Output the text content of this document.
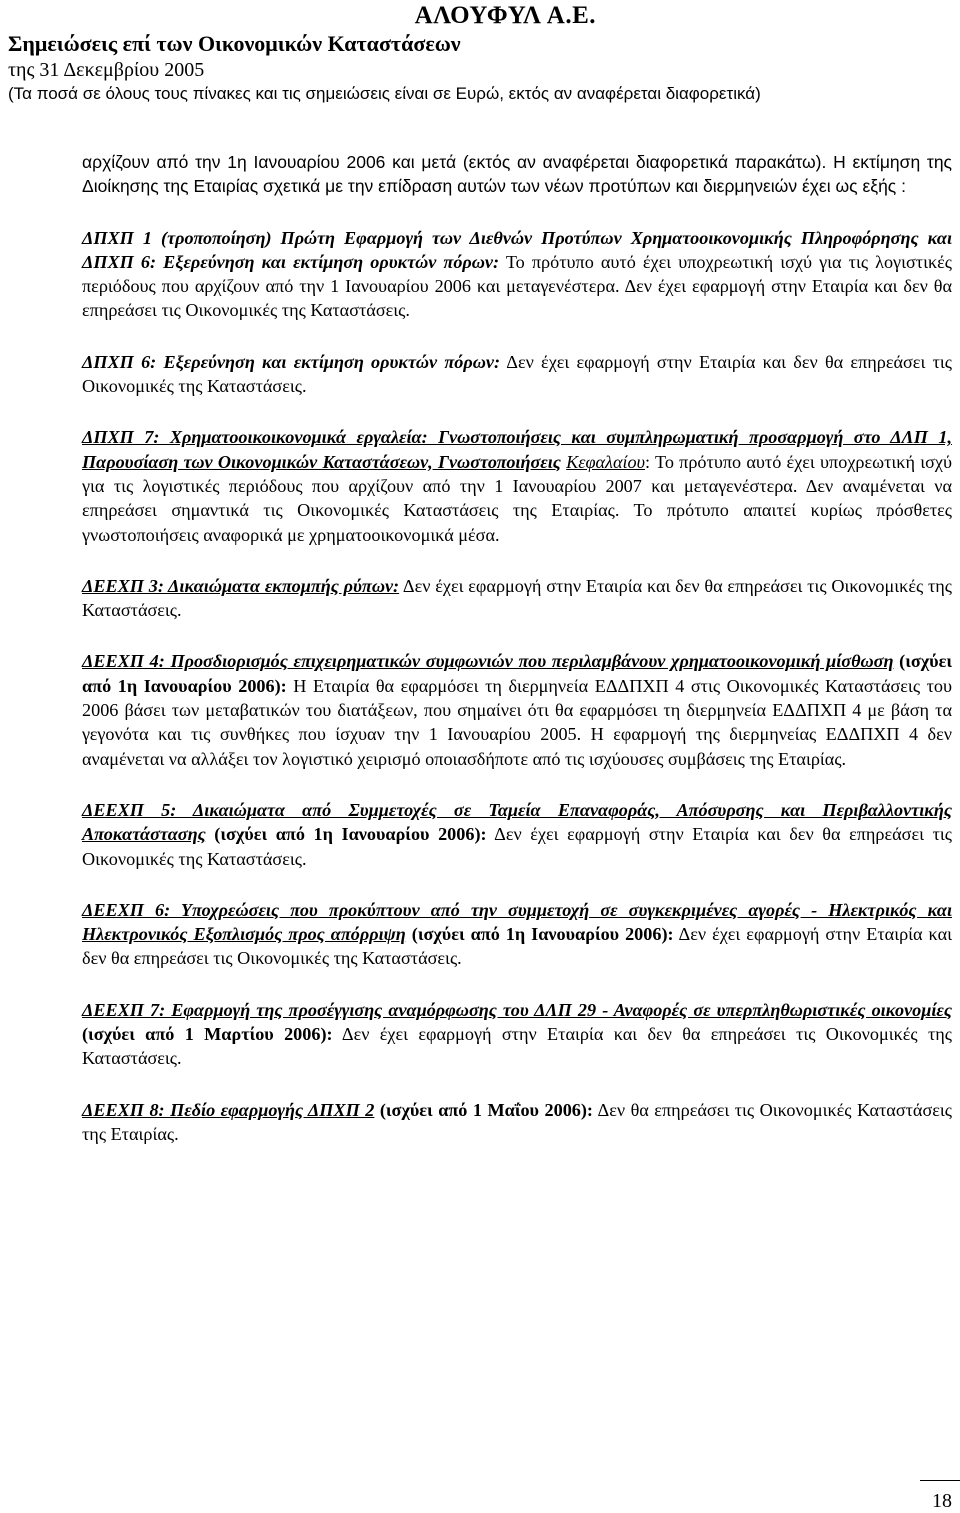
ΑΛΟΥΦΥΛ Α.Ε.
Σημειώσεις επί των Οικονομικών Καταστάσεων
της 31 Δεκεμβρίου 2005
(Τα ποσά σε όλους τους πίνακες και τις σημειώσεις είναι σε Ευρώ, εκτός αν αναφέρεται διαφορετικά)

αρχίζουν από την 1η Ιανουαρίου 2006 και μετά (εκτός αν αναφέρεται διαφορετικά παρακάτω). Η εκτίμηση της Διοίκησης της Εταιρίας σχετικά με την επίδραση αυτών των νέων προτύπων και διερμηνειών έχει ως εξής :

ΔΠΧΠ 1 (τροποποίηση) Πρώτη Εφαρμογή των Διεθνών Προτύπων Χρηματοοικονομικής Πληροφόρησης και ΔΠΧΠ 6: Εξερεύνηση και εκτίμηση ορυκτών πόρων: Το πρότυπο αυτό έχει υποχρεωτική ισχύ για τις λογιστικές περιόδους που αρχίζουν από την 1 Ιανουαρίου 2006 και μεταγενέστερα. Δεν έχει εφαρμογή στην Εταιρία και δεν θα επηρεάσει τις Οικονομικές της Καταστάσεις.

ΔΠΧΠ 6: Εξερεύνηση και εκτίμηση ορυκτών πόρων: Δεν έχει εφαρμογή στην Εταιρία και δεν θα επηρεάσει τις Οικονομικές της Καταστάσεις.

ΔΠΧΠ 7: Χρηματοοικοικονομικά εργαλεία: Γνωστοποιήσεις και συμπληρωματική προσαρμογή στο ΔΛΠ 1, Παρουσίαση των Οικονομικών Καταστάσεων, Γνωστοποιήσεις Κεφαλαίου: Το πρότυπο αυτό έχει υποχρεωτική ισχύ για τις λογιστικές περιόδους που αρχίζουν από την 1 Ιανουαρίου 2007 και μεταγενέστερα. Δεν αναμένεται να επηρεάσει σημαντικά τις Οικονομικές Καταστάσεις της Εταιρίας. Το πρότυπο απαιτεί κυρίως πρόσθετες γνωστοποιήσεις αναφορικά με χρηματοοικονομικά μέσα.

ΔΕΕΧΠ 3: Δικαιώματα εκπομπής ρύπων: Δεν έχει εφαρμογή στην Εταιρία και δεν θα επηρεάσει τις Οικονομικές της Καταστάσεις.

ΔΕΕΧΠ 4: Προσδιορισμός επιχειρηματικών συμφωνιών που περιλαμβάνουν χρηματοοικονομική μίσθωση (ισχύει από 1η Ιανουαρίου 2006): Η Εταιρία θα εφαρμόσει τη διερμηνεία ΕΔΔΠΧΠ 4 στις Οικονομικές Καταστάσεις του 2006 βάσει των μεταβατικών του διατάξεων, που σημαίνει ότι θα εφαρμόσει τη διερμηνεία ΕΔΔΠΧΠ 4 με βάση τα γεγονότα και τις συνθήκες που ίσχυαν την 1 Ιανουαρίου 2005. Η εφαρμογή της διερμηνείας ΕΔΔΠΧΠ 4 δεν αναμένεται να αλλάξει τον λογιστικό χειρισμό οποιασδήποτε από τις ισχύουσες συμβάσεις της Εταιρίας.

ΔΕΕΧΠ 5: Δικαιώματα από Συμμετοχές σε Ταμεία Επαναφοράς, Απόσυρσης και Περιβαλλοντικής Αποκατάστασης (ισχύει από 1η Ιανουαρίου 2006): Δεν έχει εφαρμογή στην Εταιρία και δεν θα επηρεάσει τις Οικονομικές της Καταστάσεις.

ΔΕΕΧΠ 6: Υποχρεώσεις που προκύπτουν από την συμμετοχή σε συγκεκριμένες αγορές - Ηλεκτρικός και Ηλεκτρονικός Εξοπλισμός προς απόρριψη (ισχύει από 1η Ιανουαρίου 2006): Δεν έχει εφαρμογή στην Εταιρία και δεν θα επηρεάσει τις Οικονομικές της Καταστάσεις.

ΔΕΕΧΠ 7: Εφαρμογή της προσέγγισης αναμόρφωσης του ΔΛΠ 29 - Αναφορές σε υπερπληθωριστικές οικονομίες (ισχύει από 1 Μαρτίου 2006): Δεν έχει εφαρμογή στην Εταιρία και δεν θα επηρεάσει τις Οικονομικές της Καταστάσεις.

ΔΕΕΧΠ 8: Πεδίο εφαρμογής ΔΠΧΠ 2 (ισχύει από 1 Μαΐου 2006): Δεν θα επηρεάσει τις Οικονομικές Καταστάσεις της Εταιρίας.

18
